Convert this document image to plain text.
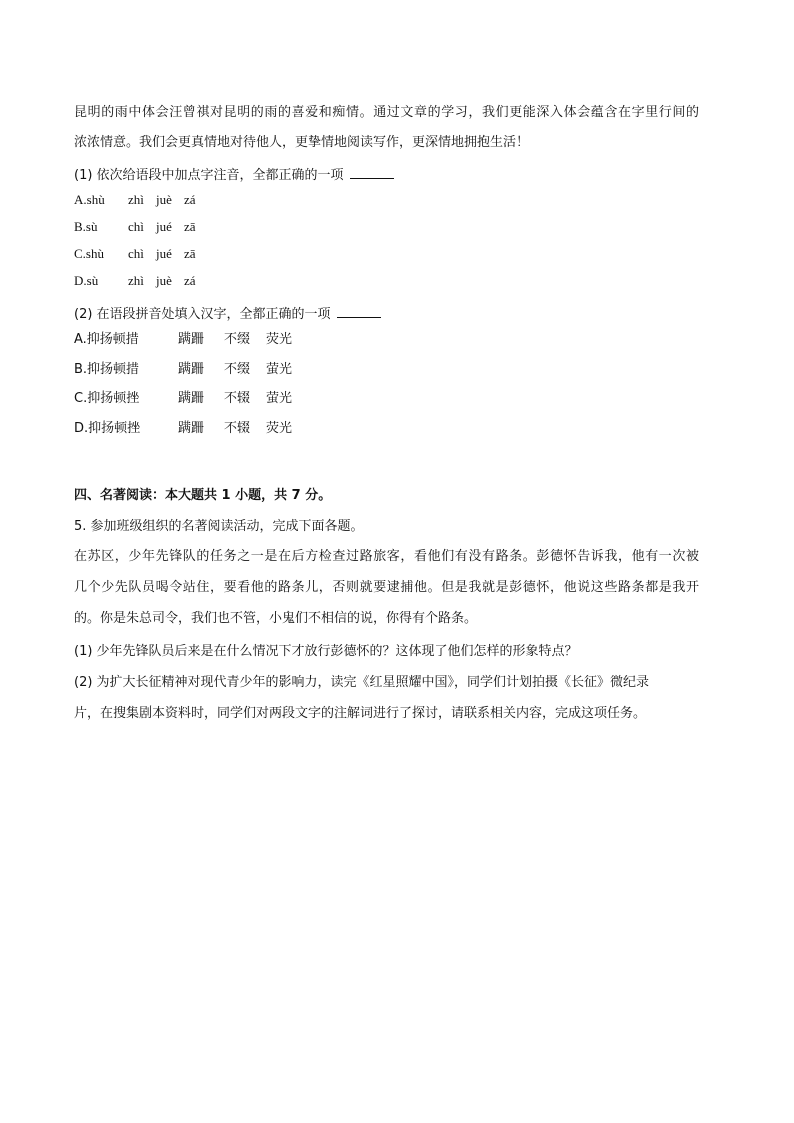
昆明的雨中体会汪曾祺对昆明的雨的喜爱和痴情。通过文章的学习，我们更能深入体会蕴含在字里行间的
浓浓情意。我们会更真情地对待他人，更挚情地阅读写作，更深情地拥抱生活！
(1) 依次给语段中加点字注音，全都正确的一项
A.shù zhì juè zá
B.sù chì jué zā
C.shù chì jué zā
D.sù zhì juè zá
(2) 在语段拼音处填入汉字，全都正确的一项
A.抑扬顿措	蹒跚 不缀 荧光
B.抑扬顿措	蹒跚 不缀 萤光
C.抑扬顿挫	蹒跚 不辍 萤光
D.抑扬顿挫	蹒跚 不辍 荧光
四、名著阅读：本大题共 1 小题，共 7 分。
5. 参加班级组织的名著阅读活动，完成下面各题。
在苏区，少年先锋队的任务之一是在后方检查过路旅客，看他们有没有路条。彭德怀告诉我，他有一次被
几个少先队员喝令站住，要看他的路条儿，否则就要逮捕他。但是我就是彭德怀，他说这些路条都是我开
的。你是朱总司令，我们也不管，小鬼们不相信的说，你得有个路条。
(1) 少年先锋队员后来是在什么情况下才放行彭德怀的？这体现了他们怎样的形象特点？
(2) 为扩大长征精神对现代青少年的影响力，读完《红星照耀中国》，同学们计划拍摄《长征》微纪录
片，在搜集剧本资料时，同学们对两段文字的注解词进行了探讨，请联系相关内容，完成这项任务。
